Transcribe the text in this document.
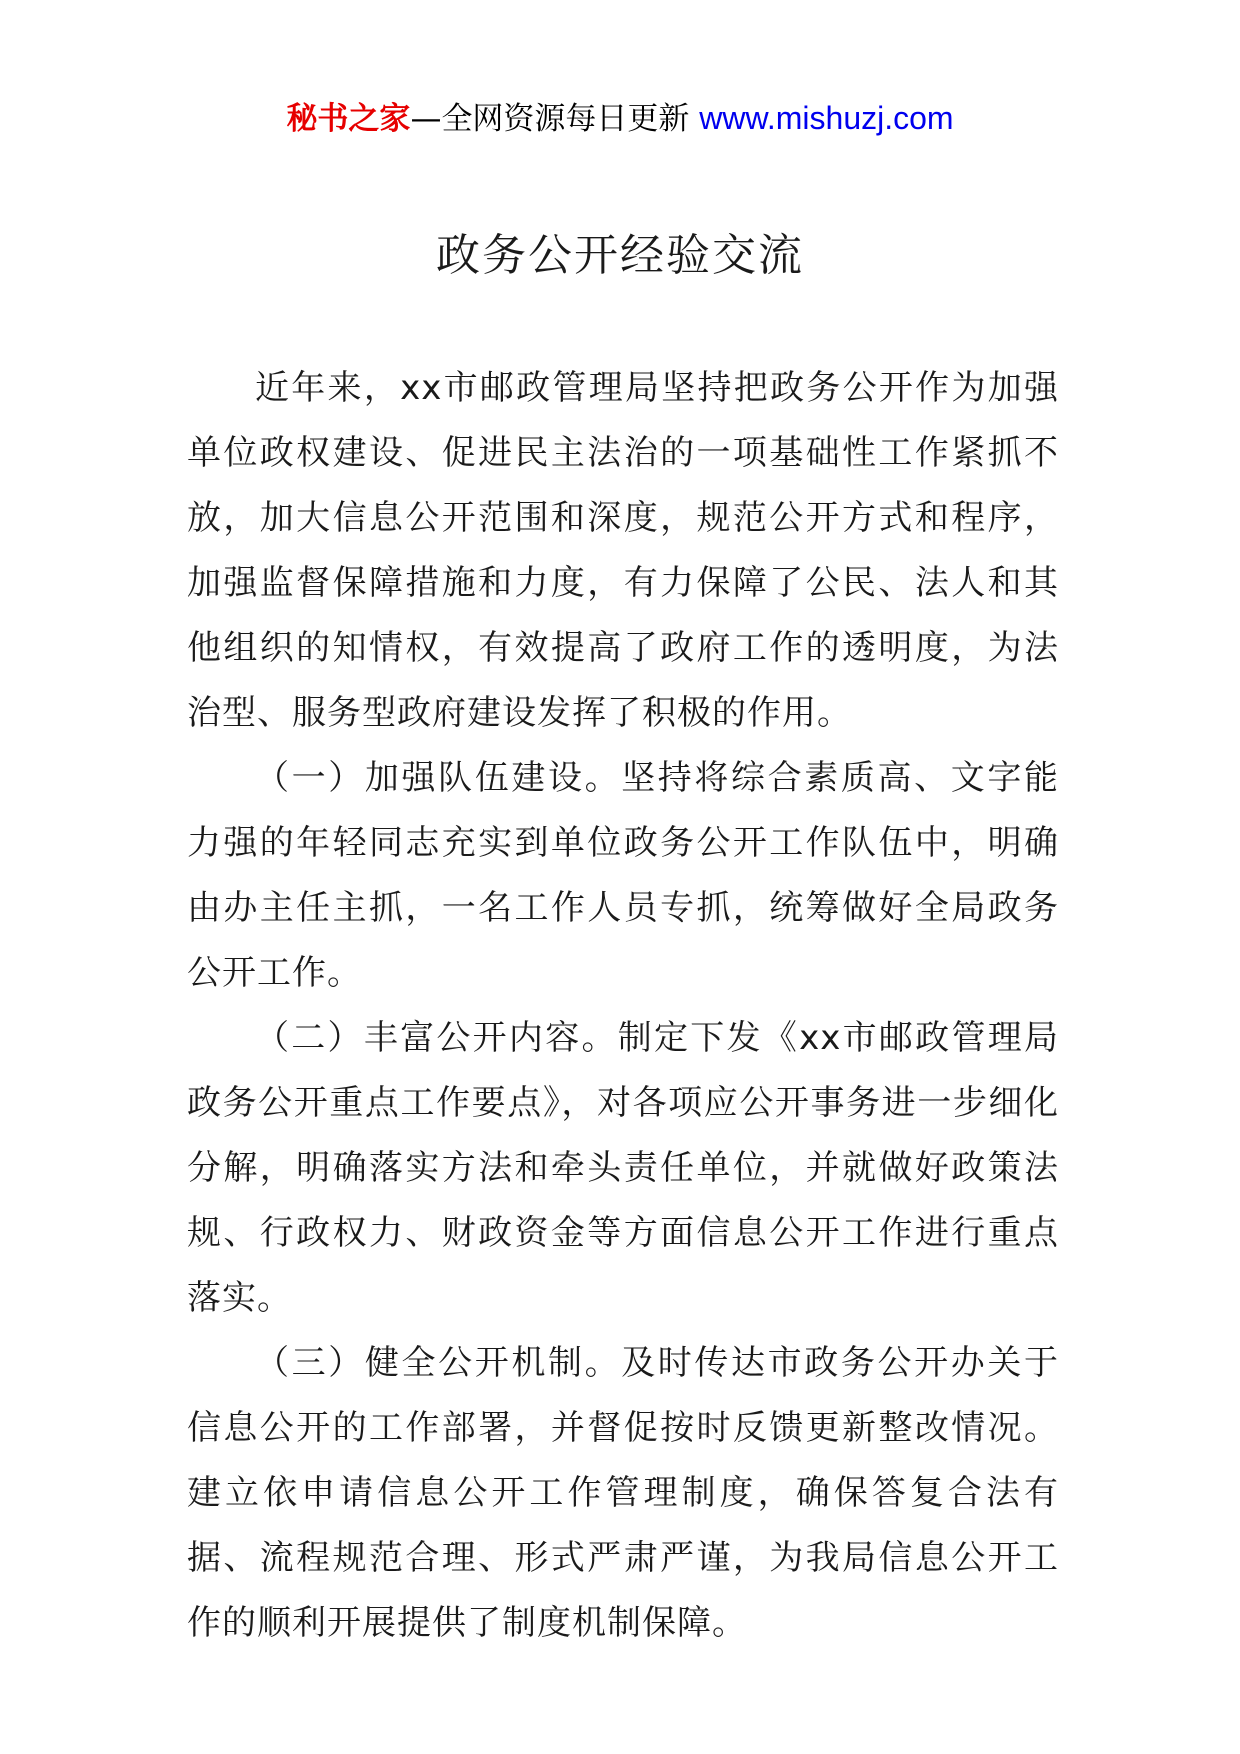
秘书之家—全网资源每日更新 www.mishuzj.com
政务公开经验交流

近年来，xx市邮政管理局坚持把政务公开作为加强单位政权建设、促进民主法治的一项基础性工作紧抓不放，加大信息公开范围和深度，规范公开方式和程序，加强监督保障措施和力度，有力保障了公民、法人和其他组织的知情权，有效提高了政府工作的透明度，为法治型、服务型政府建设发挥了积极的作用。

（一）加强队伍建设。坚持将综合素质高、文字能力强的年轻同志充实到单位政务公开工作队伍中，明确由办主任主抓，一名工作人员专抓，统筹做好全局政务公开工作。

（二）丰富公开内容。制定下发《xx市邮政管理局政务公开重点工作要点》，对各项应公开事务进一步细化分解，明确落实方法和牵头责任单位，并就做好政策法规、行政权力、财政资金等方面信息公开工作进行重点落实。

（三）健全公开机制。及时传达市政务公开办关于信息公开的工作部署，并督促按时反馈更新整改情况。建立依申请信息公开工作管理制度，确保答复合法有据、流程规范合理、形式严肃严谨，为我局信息公开工作的顺利开展提供了制度机制保障。
